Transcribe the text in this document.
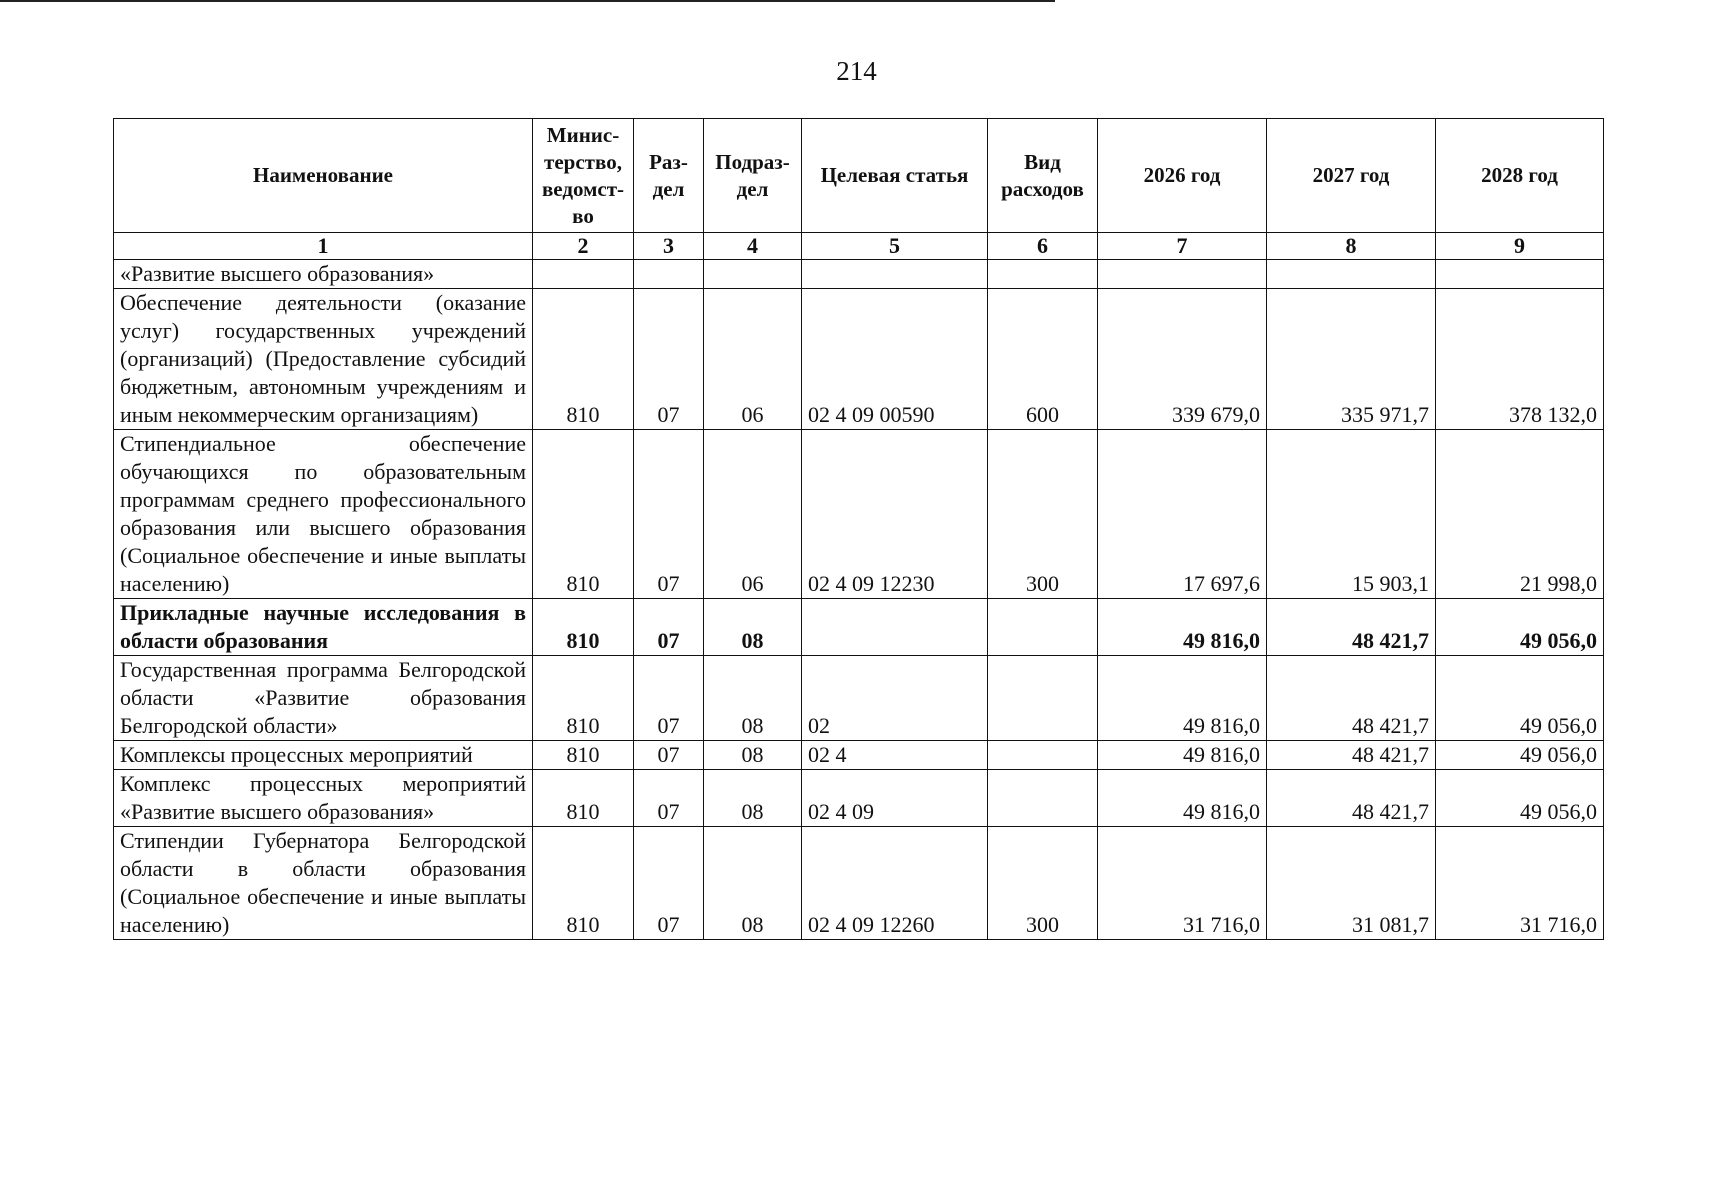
214
Наименование	Минис-терство, ведомст-во	Раз-дел	Подраз-дел	Целевая статья	Вид расходов	2026 год	2027 год	2028 год
1	2	3	4	5	6	7	8	9
«Развитие высшего образования»								
Обеспечение деятельности (оказание услуг) государственных учреждений (организаций) (Предоставление субсидий бюджетным, автономным учреждениям и иным некоммерческим организациям)	810	07	06	02 4 09 00590	600	339 679,0	335 971,7	378 132,0
Стипендиальное обеспечение обучающихся по образовательным программам среднего профессионального образования или высшего образования (Социальное обеспечение и иные выплаты населению)	810	07	06	02 4 09 12230	300	17 697,6	15 903,1	21 998,0
Прикладные научные исследования в области образования	810	07	08			49 816,0	48 421,7	49 056,0
Государственная программа Белгородской области «Развитие образования Белгородской области»	810	07	08	02		49 816,0	48 421,7	49 056,0
Комплексы процессных мероприятий	810	07	08	02 4		49 816,0	48 421,7	49 056,0
Комплекс процессных мероприятий «Развитие высшего образования»	810	07	08	02 4 09		49 816,0	48 421,7	49 056,0
Стипендии Губернатора Белгородской области в области образования (Социальное обеспечение и иные выплаты населению)	810	07	08	02 4 09 12260	300	31 716,0	31 081,7	31 716,0
